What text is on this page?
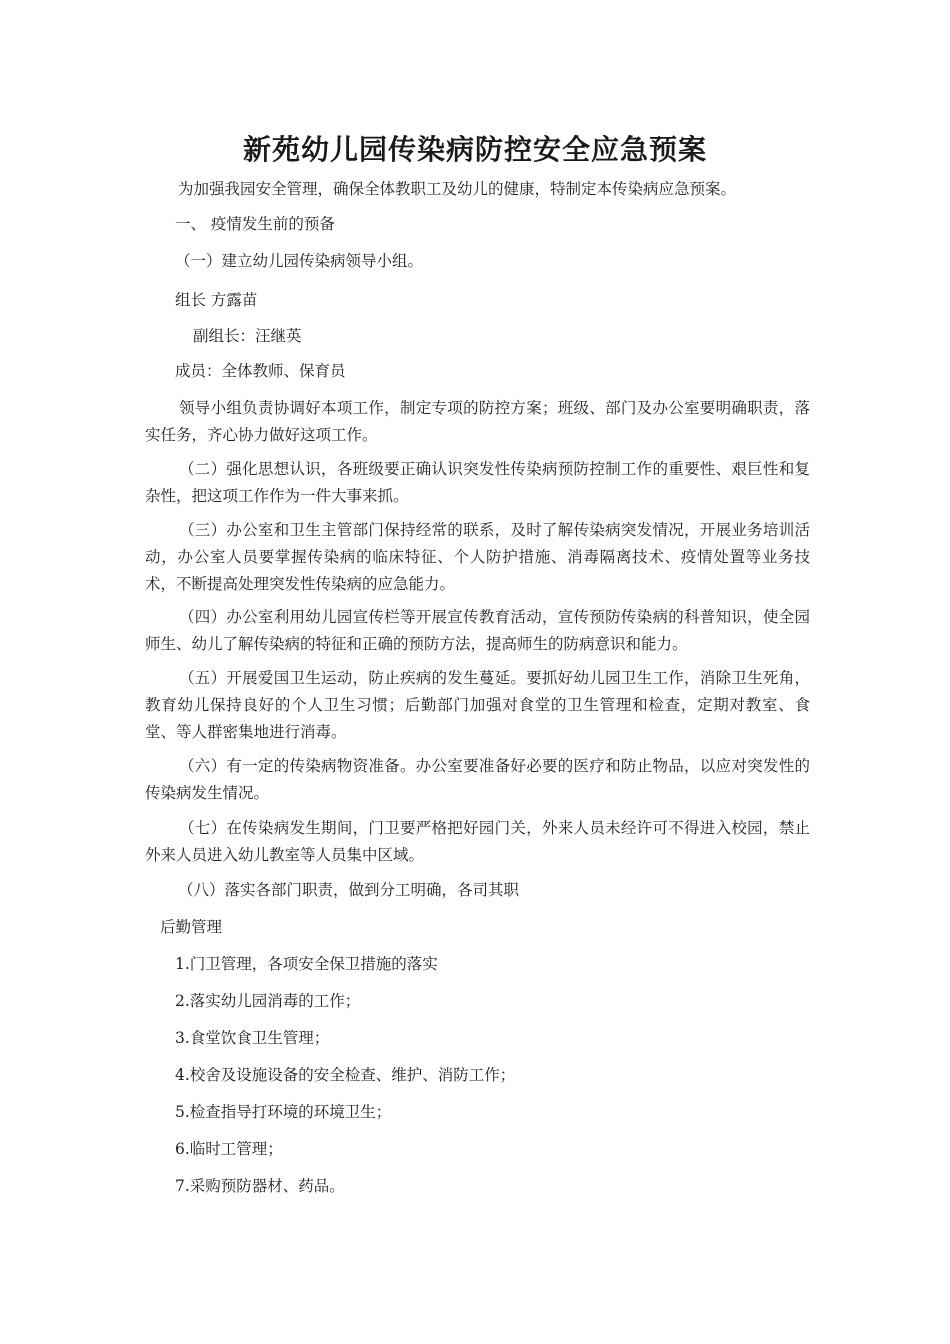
新苑幼儿园传染病防控安全应急预案
为加强我园安全管理，确保全体教职工及幼儿的健康，特制定本传染病应急预案。
一、 疫情发生前的预备
（一）建立幼儿园传染病领导小组。
组长 方露苗
副组长：汪继英
成员：全体教师、保育员
领导小组负责协调好本项工作，制定专项的防控方案；班级、部门及办公室要明确职责，落实任务，齐心协力做好这项工作。
（二）强化思想认识，各班级要正确认识突发性传染病预防控制工作的重要性、艰巨性和复杂性，把这项工作作为一件大事来抓。
（三）办公室和卫生主管部门保持经常的联系，及时了解传染病突发情况，开展业务培训活动，办公室人员要掌握传染病的临床特征、个人防护措施、消毒隔离技术、疫情处置等业务技术，不断提高处理突发性传染病的应急能力。
（四）办公室利用幼儿园宣传栏等开展宣传教育活动，宣传预防传染病的科普知识，使全园师生、幼儿了解传染病的特征和正确的预防方法，提高师生的防病意识和能力。
（五）开展爱国卫生运动，防止疾病的发生蔓延。要抓好幼儿园卫生工作，消除卫生死角，教育幼儿保持良好的个人卫生习惯；后勤部门加强对食堂的卫生管理和检查，定期对教室、食堂、等人群密集地进行消毒。
（六）有一定的传染病物资准备。办公室要准备好必要的医疗和防止物品，以应对突发性的传染病发生情况。
（七）在传染病发生期间，门卫要严格把好园门关，外来人员未经许可不得进入校园，禁止外来人员进入幼儿教室等人员集中区域。
（八）落实各部门职责，做到分工明确，各司其职
后勤管理
1.门卫管理，各项安全保卫措施的落实
2.落实幼儿园消毒的工作；
3.食堂饮食卫生管理；
4.校舍及设施设备的安全检查、维护、消防工作；
5.检查指导打环境的环境卫生；
6.临时工管理；
7.采购预防器材、药品。
